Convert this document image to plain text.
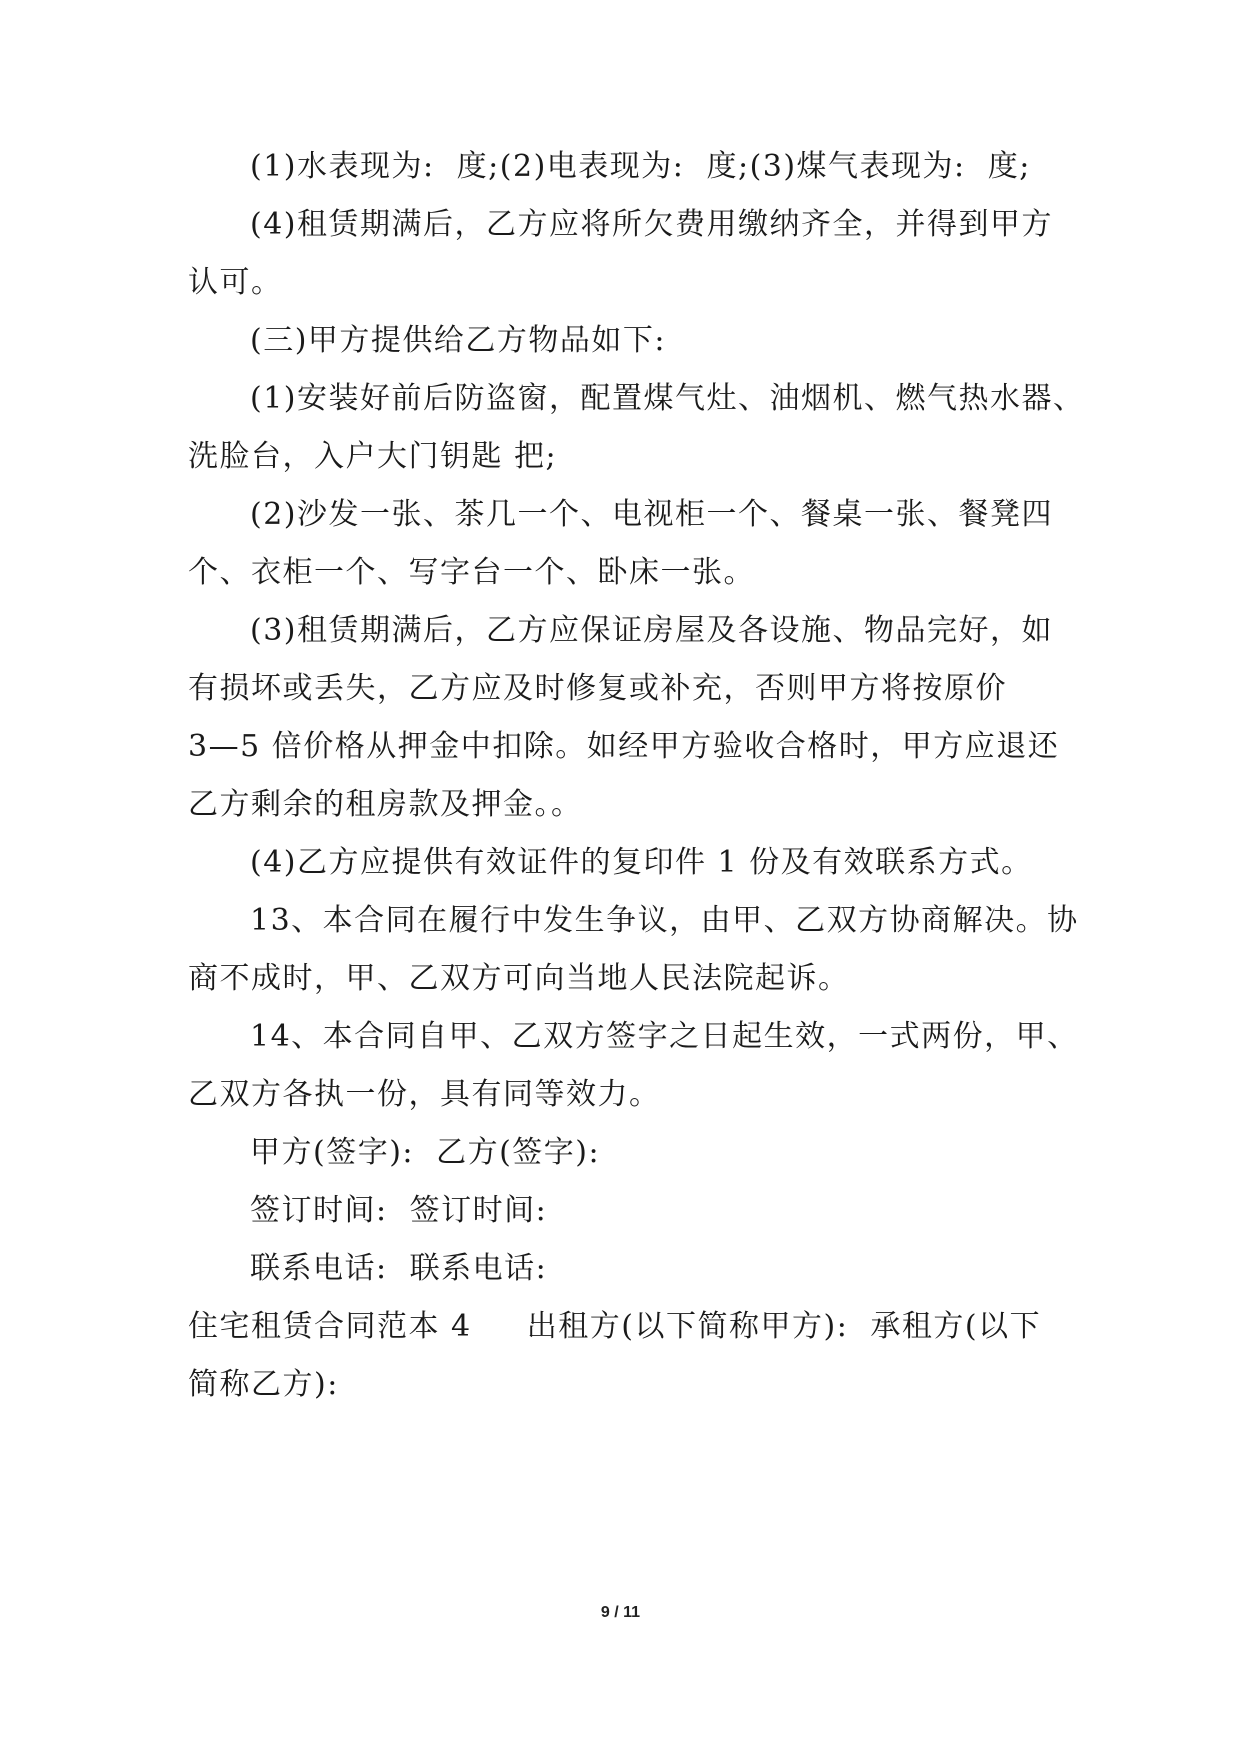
(1)水表现为:  度;(2)电表现为:  度;(3)煤气表现为:  度;

(4)租赁期满后，乙方应将所欠费用缴纳齐全，并得到甲方

认可。

(三)甲方提供给乙方物品如下:

(1)安装好前后防盗窗，配置煤气灶、油烟机、燃气热水器、

洗脸台，入户大门钥匙 把;

(2)沙发一张、茶几一个、电视柜一个、餐桌一张、餐凳四

个、衣柜一个、写字台一个、卧床一张。

(3)租赁期满后，乙方应保证房屋及各设施、物品完好，如

有损坏或丢失，乙方应及时修复或补充，否则甲方将按原价

3—5 倍价格从押金中扣除。如经甲方验收合格时，甲方应退还

乙方剩余的租房款及押金。。

(4)乙方应提供有效证件的复印件 1 份及有效联系方式。

13、本合同在履行中发生争议，由甲、乙双方协商解决。协

商不成时，甲、乙双方可向当地人民法院起诉。

14、本合同自甲、乙双方签字之日起生效，一式两份，甲、

乙双方各执一份，具有同等效力。

甲方(签字):  乙方(签字):

签订时间:  签订时间:

联系电话:  联系电话:

住宅租赁合同范本 4     出租方(以下简称甲方):  承租方(以下

简称乙方):

9 / 11
